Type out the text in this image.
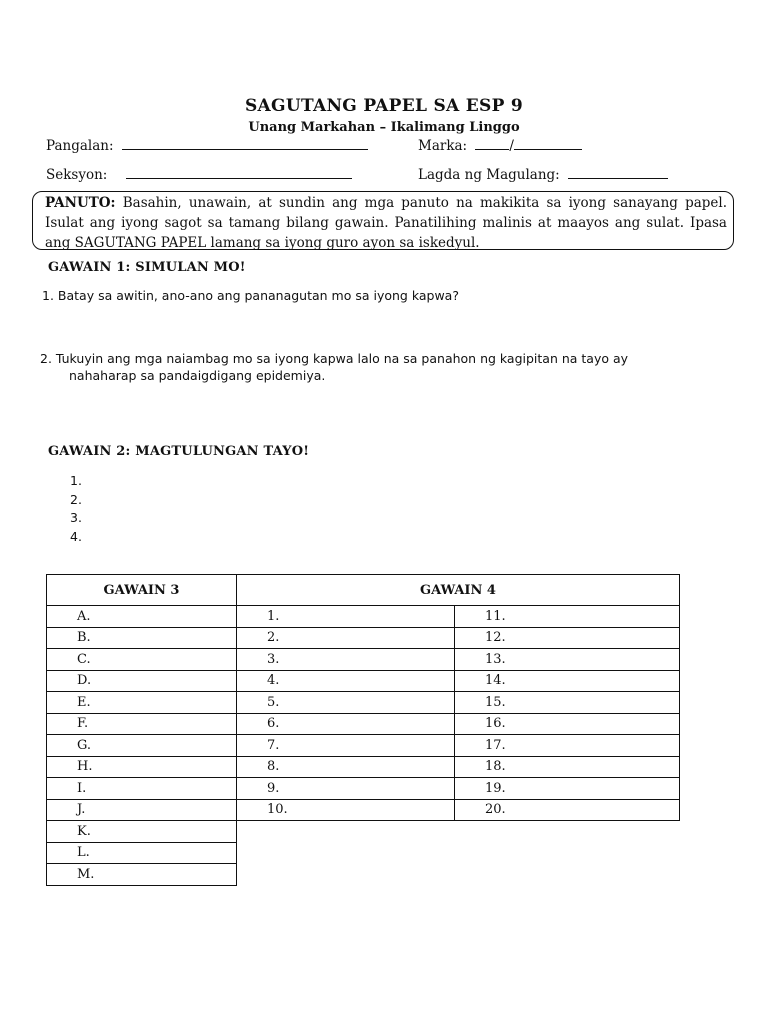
SAGUTANG PAPEL SA ESP 9
Unang Markahan – Ikalimang Linggo
Pangalan:	Marka:	/
Seksyon:	Lagda ng Magulang:
PANUTO: Basahin, unawain, at sundin ang mga panuto na makikita sa iyong sanayang papel. Isulat ang iyong sagot sa tamang bilang gawain. Panatilihing malinis at maayos ang sulat. Ipasa ang SAGUTANG PAPEL lamang sa iyong guro ayon sa iskedyul.
GAWAIN 1: SIMULAN MO!
1. Batay sa awitin, ano-ano ang pananagutan mo sa iyong kapwa?
2. Tukuyin ang mga naiambag mo sa iyong kapwa lalo na sa panahon ng kagipitan na tayo ay
nahaharap sa pandaigdigang epidemiya.
GAWAIN 2: MAGTULUNGAN TAYO!
1.
2.
3.
4.
GAWAIN 3	GAWAIN 4	
A.	1.	11.
B.	2.	12.
C.	3.	13.
D.	4.	14.
E.	5.	15.
F.	6.	16.
G.	7.	17.
H.	8.	18.
I.	9.	19.
J.	10.	20.
K.		
L.		
M.		
